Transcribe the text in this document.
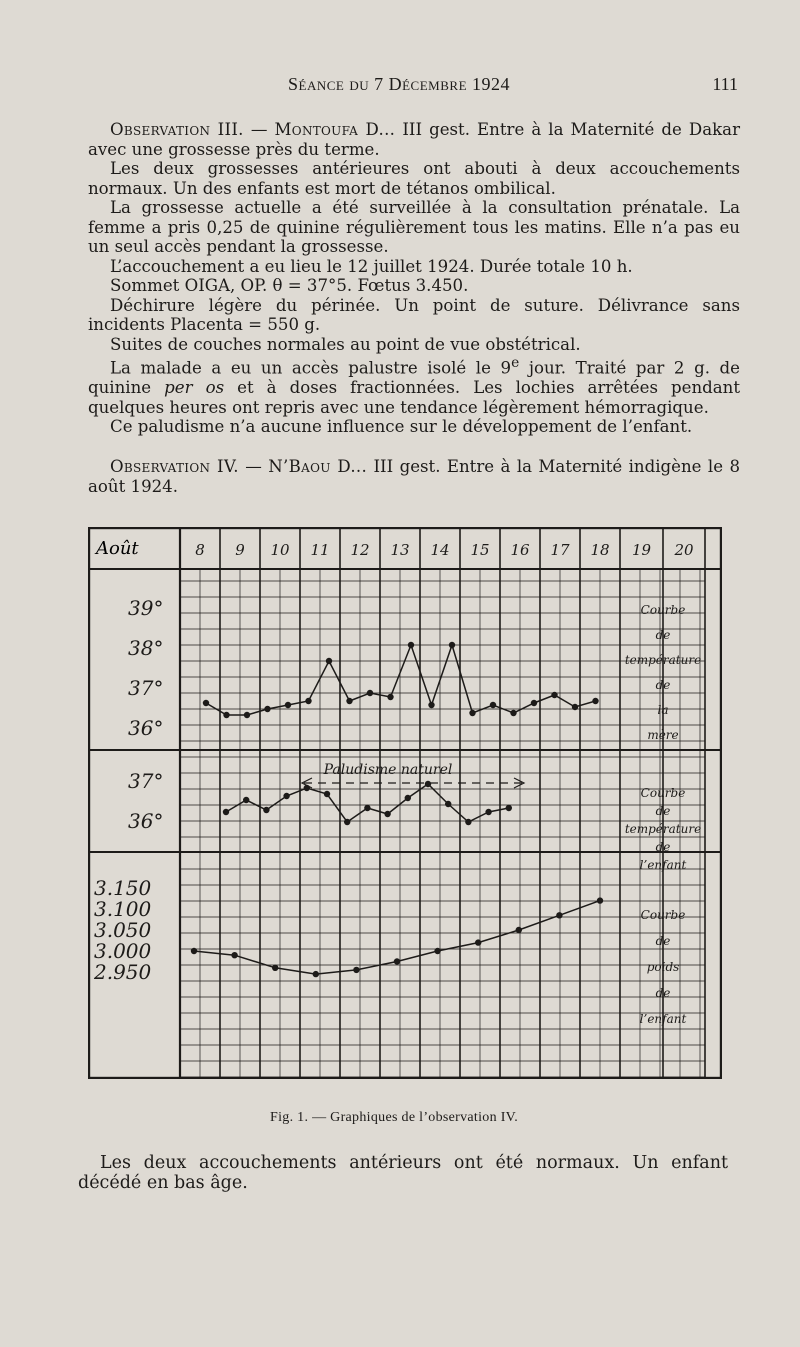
Séance du 7 Décembre 1924	111

Observation III. — Montoufa D... III gest. Entre à la Maternité de Dakar avec une grossesse près du terme.

Les deux grossesses antérieures ont abouti à deux accouchements normaux. Un des enfants est mort de tétanos ombilical.

La grossesse actuelle a été surveillée à la consultation prénatale. La femme a pris 0,25 de quinine régulièrement tous les matins. Elle n’a pas eu un seul accès pendant la grossesse.

L’accouchement a eu lieu le 12 juillet 1924. Durée totale 10 h.

Sommet OIGA, OP. θ = 37°5. Fœtus 3.450.

Déchirure légère du périnée. Un point de suture. Délivrance sans incidents Placenta = 550 g.

Suites de couches normales au point de vue obstétrical.

La malade a eu un accès palustre isolé le 9e jour. Traité par 2 g. de quinine per os et à doses fractionnées. Les lochies arrêtées pendant quelques heures ont repris avec une tendance légèrement hémorragique.

Ce paludisme n’a aucune influence sur le développement de l’enfant.

Observation IV. — N’Baou D... III gest. Entre à la Maternité indigène le 8 août 1924.

Août	8 9 10 11 12 13 14 15 16 17 18 19 20
39°
38°
37°
36°
37°
36°
3.150
3.100
3.050
3.000
2.950
Courbe de température de la mère
Courbe de température de l’enfant
Courbe de poids de l’enfant
Paludisme naturel
Fig. 1. — Graphiques de l’observation IV.

Les deux accouchements antérieurs ont été normaux. Un enfant décédé en bas âge.
